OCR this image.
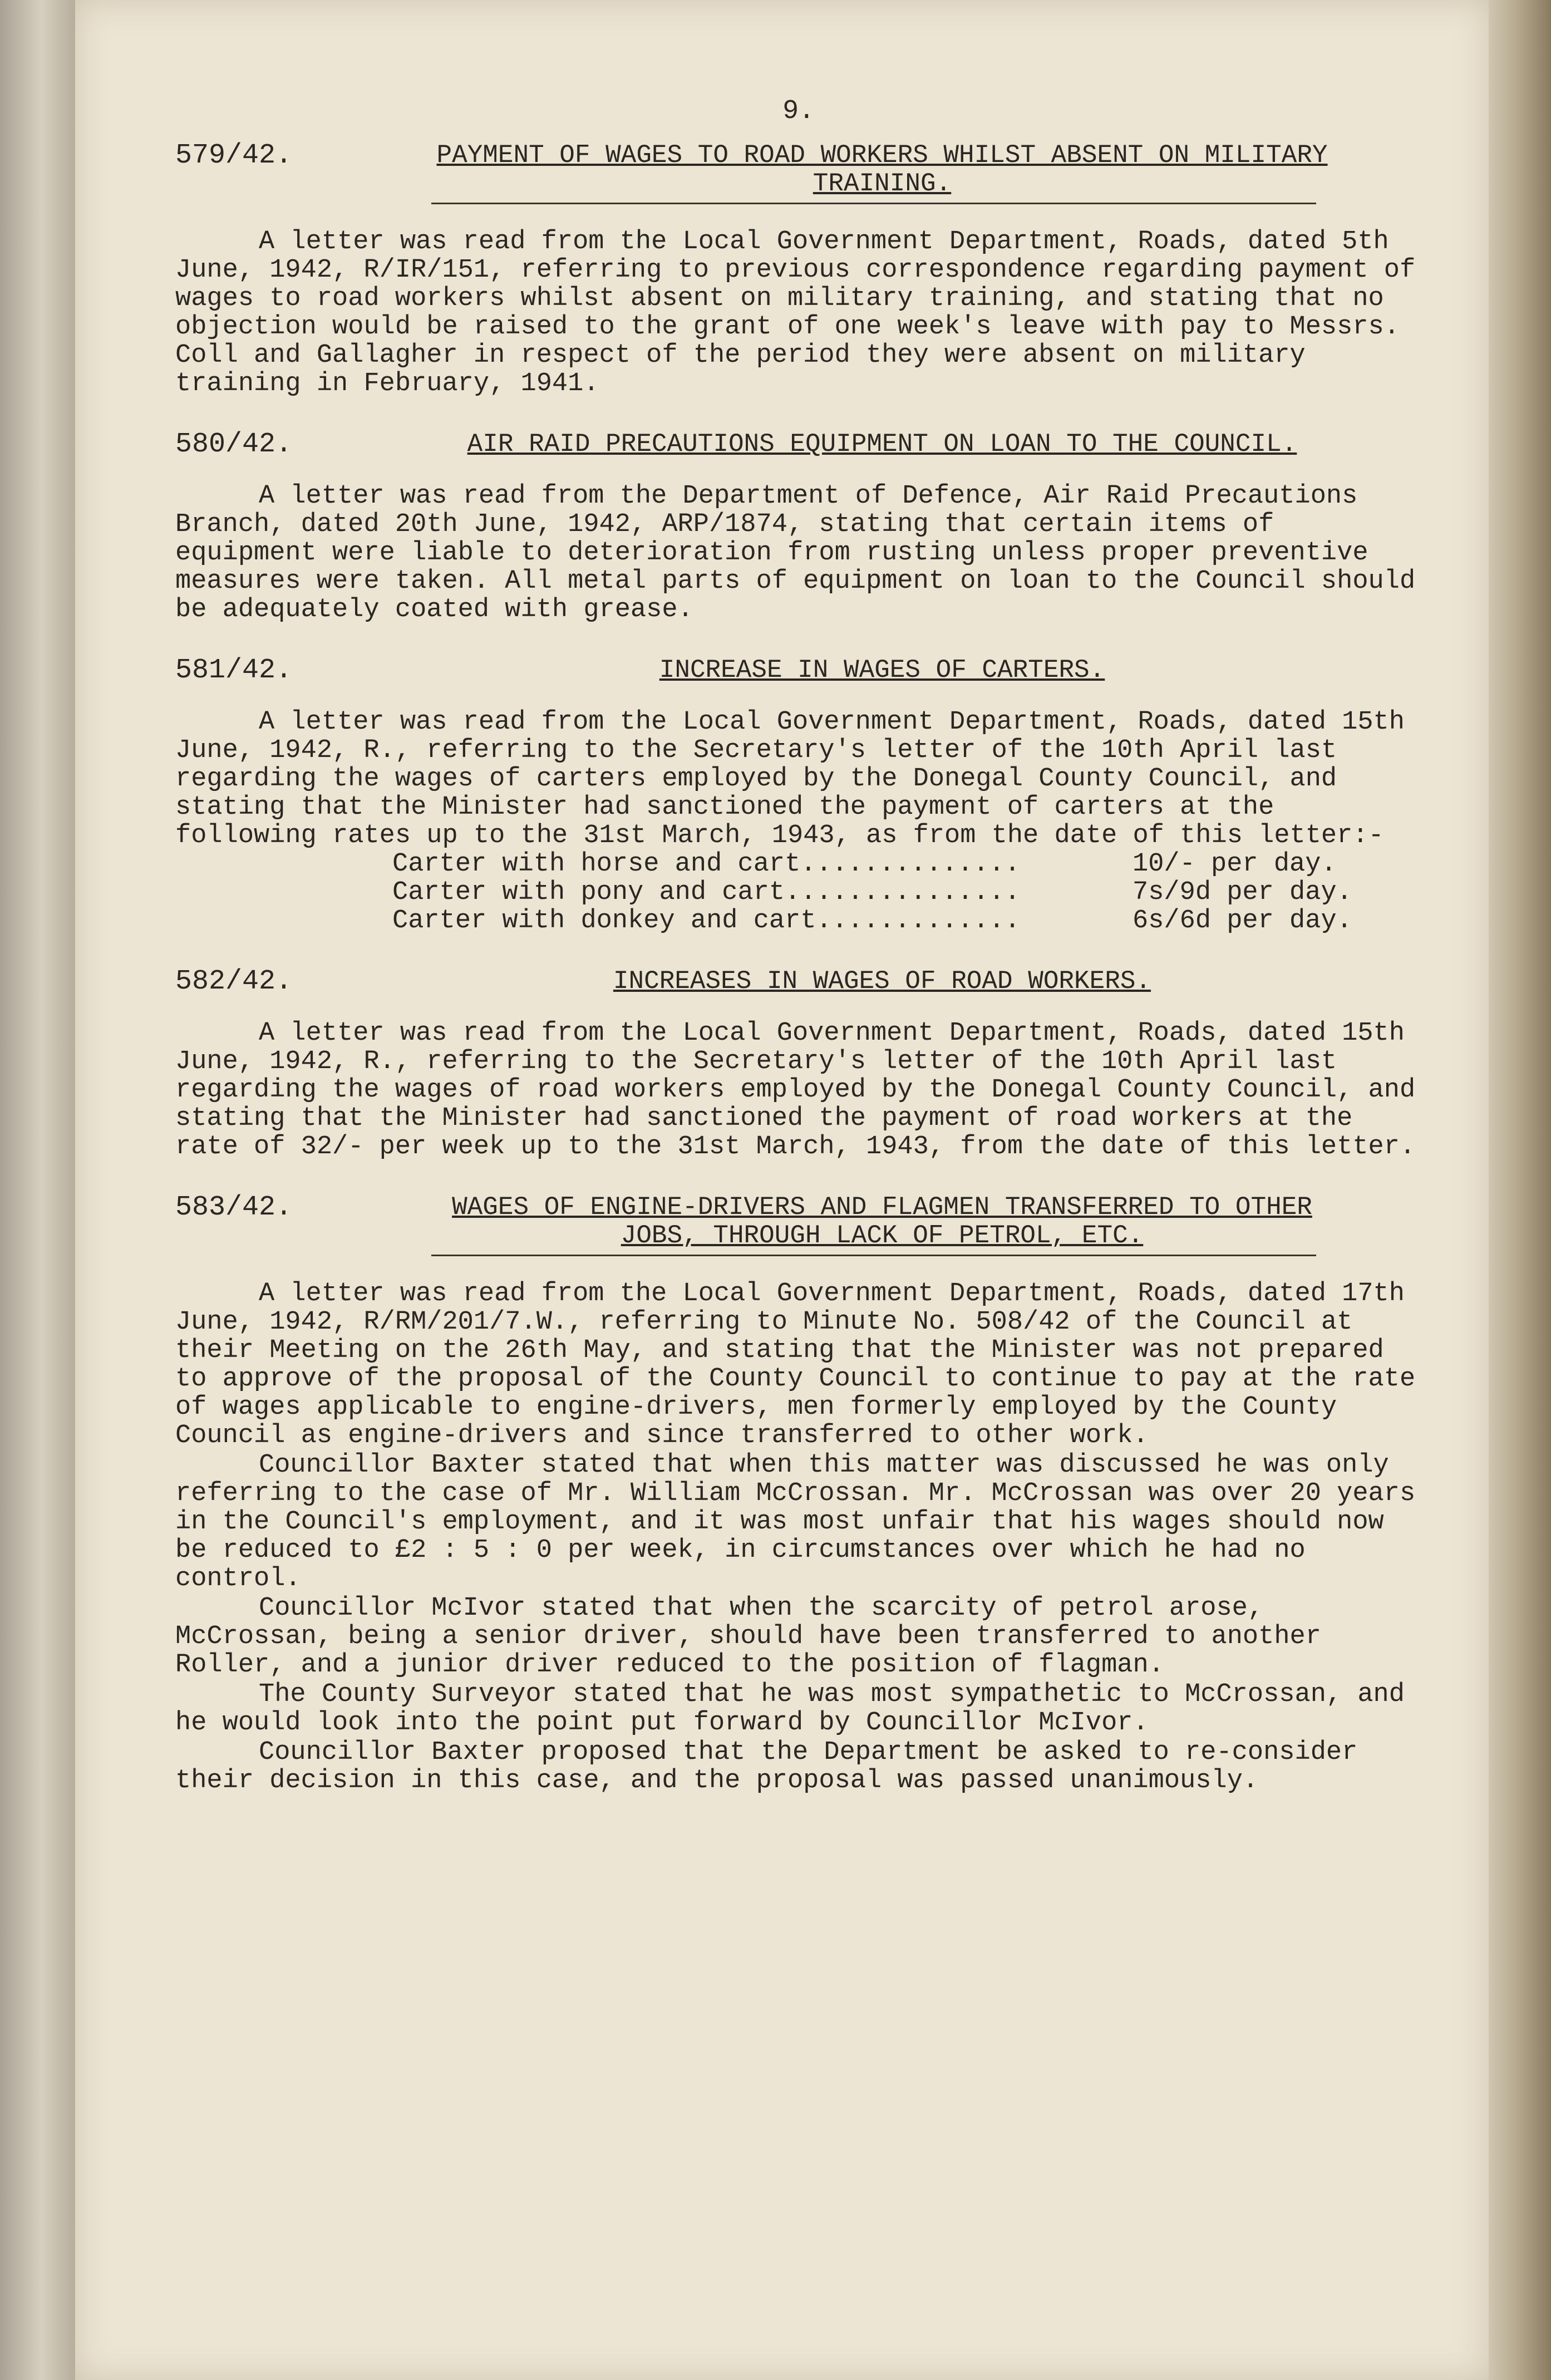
9.
579/42.	PAYMENT OF WAGES TO ROAD WORKERS WHILST ABSENT ON MILITARY
TRAINING.

A letter was read from the Local Government Department, Roads, dated 5th June, 1942, R/IR/151, referring to previous correspondence regarding payment of wages to road workers whilst absent on military training, and stating that no objection would be raised to the grant of one week's leave with pay to Messrs. Coll and Gallagher in respect of the period they were absent on military training in February, 1941.

580/42.	AIR RAID PRECAUTIONS EQUIPMENT ON LOAN TO THE COUNCIL.

A letter was read from the Department of Defence, Air Raid Precautions Branch, dated 20th June, 1942, ARP/1874, stating that certain items of equipment were liable to deterioration from rusting unless proper preventive measures were taken. All metal parts of equipment on loan to the Council should be adequately coated with grease.

581/42.	INCREASE IN WAGES OF CARTERS.

A letter was read from the Local Government Department, Roads, dated 15th June, 1942, R., referring to the Secretary's letter of the 10th April last regarding the wages of carters employed by the Donegal County Council, and stating that the Minister had sanctioned the payment of carters at the following rates up to the 31st March, 1943, as from the date of this letter:-

Carter with horse and cart..............	10/- per day.
Carter with pony and cart...............	7s/9d per day.
Carter with donkey and cart.............	6s/6d per day.
582/42.	INCREASES IN WAGES OF ROAD WORKERS.

A letter was read from the Local Government Department, Roads, dated 15th June, 1942, R., referring to the Secretary's letter of the 10th April last regarding the wages of road workers employed by the Donegal County Council, and stating that the Minister had sanctioned the payment of road workers at the rate of 32/- per week up to the 31st March, 1943, from the date of this letter.

583/42.	WAGES OF ENGINE-DRIVERS AND FLAGMEN TRANSFERRED TO OTHER
JOBS, THROUGH LACK OF PETROL, ETC.

A letter was read from the Local Government Department, Roads, dated 17th June, 1942, R/RM/201/7.W., referring to Minute No. 508/42 of the Council at their Meeting on the 26th May, and stating that the Minister was not prepared to approve of the proposal of the County Council to continue to pay at the rate of wages applicable to engine-drivers, men formerly employed by the County Council as engine-drivers and since transferred to other work.

Councillor Baxter stated that when this matter was discussed he was only referring to the case of Mr. William McCrossan. Mr. McCrossan was over 20 years in the Council's employment, and it was most unfair that his wages should now be reduced to £2 : 5 : 0 per week, in circumstances over which he had no control.

Councillor McIvor stated that when the scarcity of petrol arose, McCrossan, being a senior driver, should have been transferred to another Roller, and a junior driver reduced to the position of flagman.

The County Surveyor stated that he was most sympathetic to McCrossan, and he would look into the point put forward by Councillor McIvor.

Councillor Baxter proposed that the Department be asked to re-consider their decision in this case, and the proposal was passed unanimously.
